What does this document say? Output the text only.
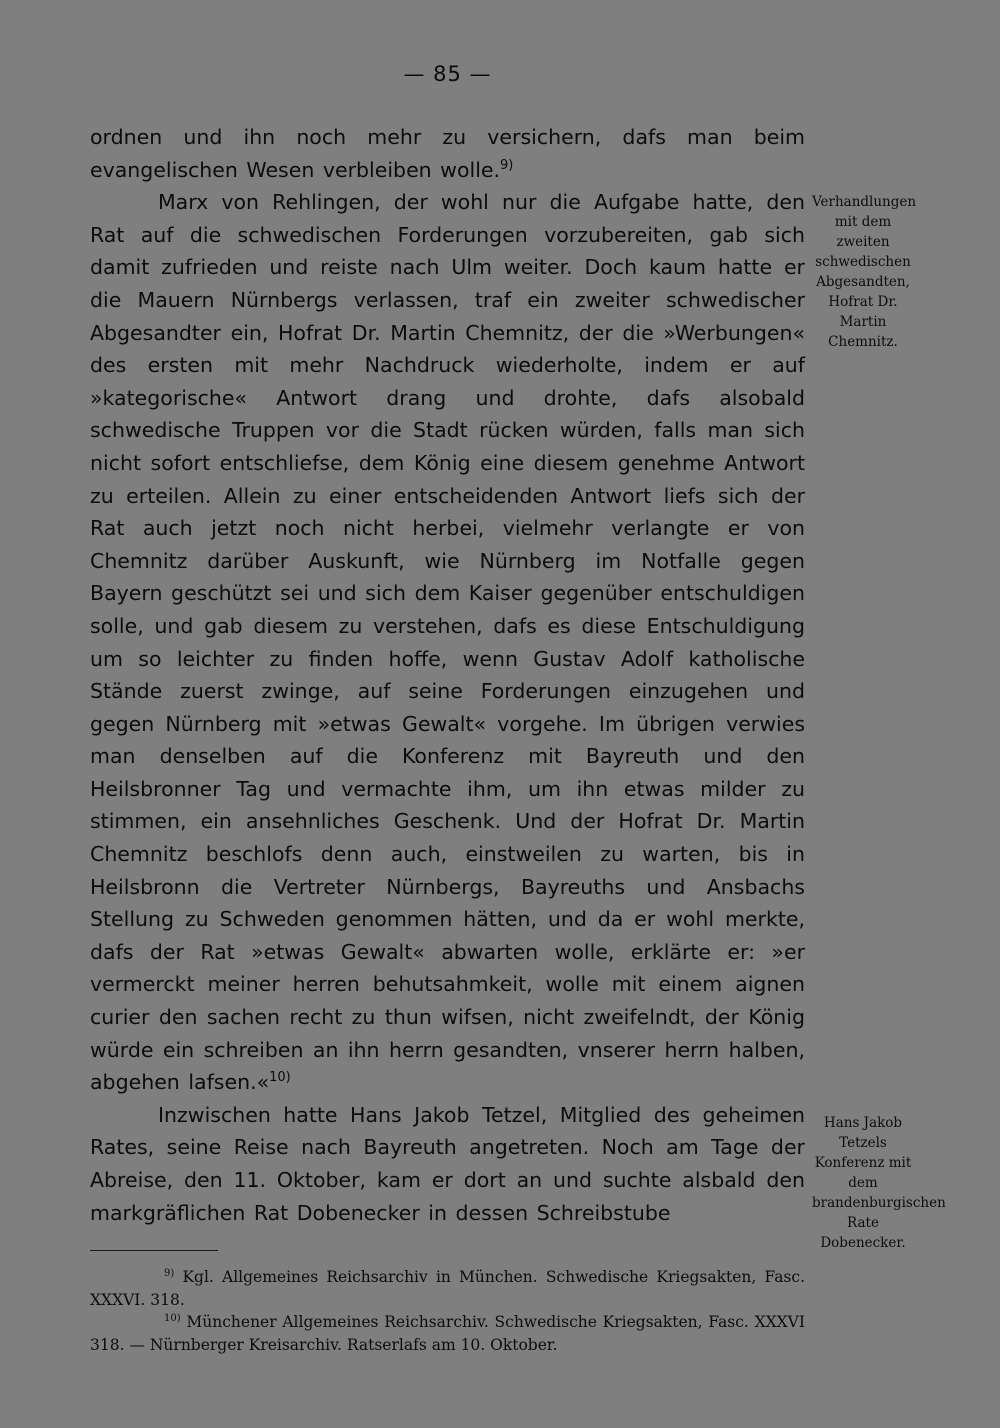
— 85 —

ordnen und ihn noch mehr zu versichern, dafs man beim evangelischen Wesen verbleiben wolle.$^{9)}$

Marx von Rehlingen, der wohl nur die Aufgabe hatte, den Rat auf die schwedischen Forderungen vorzubereiten, gab sich damit zufrieden und reiste nach Ulm weiter. Doch kaum hatte er die Mauern Nürnbergs verlassen, traf ein zweiter schwedischer Abgesandter ein, Hofrat Dr. Martin Chemnitz, der die »Werbungen« des ersten mit mehr Nachdruck wiederholte, indem er auf »kategorische« Antwort drang und drohte, dafs alsobald schwedische Truppen vor die Stadt rücken würden, falls man sich nicht sofort entschliefse, dem König eine diesem genehme Antwort zu erteilen. Allein zu einer entscheidenden Antwort liefs sich der Rat auch jetzt noch nicht herbei, vielmehr verlangte er von Chemnitz darüber Auskunft, wie Nürnberg im Notfalle gegen Bayern geschützt sei und sich dem Kaiser gegenüber entschuldigen solle, und gab diesem zu verstehen, dafs es diese Entschuldigung um so leichter zu finden hoffe, wenn Gustav Adolf katholische Stände zuerst zwinge, auf seine Forderungen einzugehen und gegen Nürnberg mit »etwas Gewalt« vorgehe. Im übrigen verwies man denselben auf die Konferenz mit Bayreuth und den Heilsbronner Tag und vermachte ihm, um ihn etwas milder zu stimmen, ein ansehnliches Geschenk. Und der Hofrat Dr. Martin Chemnitz beschlofs denn auch, einstweilen zu warten, bis in Heilsbronn die Vertreter Nürnbergs, Bayreuths und Ansbachs Stellung zu Schweden genommen hätten, und da er wohl merkte, dafs der Rat »etwas Gewalt« abwarten wolle, erklärte er: »er vermerckt meiner herren behutsahmkeit, wolle mit einem aignen curier den sachen recht zu thun wifsen, nicht zweifelndt, der König würde ein schreiben an ihn herrn gesandten, vnserer herrn halben, abgehen lafsen.«$^{10)}$

Inzwischen hatte Hans Jakob Tetzel, Mitglied des geheimen Rates, seine Reise nach Bayreuth angetreten. Noch am Tage der Abreise, den 11. Oktober, kam er dort an und suchte alsbald den markgräflichen Rat Dobenecker in dessen Schreibstube

Verhandlungen mit dem zweiten schwedischen Abgesandten, Hofrat Dr. Martin Chemnitz.
Hans Jakob Tetzels Konferenz mit dem brandenburgischen Rate Dobenecker.

$^{9)}$ Kgl. Allgemeines Reichsarchiv in München. Schwedische Kriegsakten, Fasc. XXXVI. 318.

$^{10)}$ Münchener Allgemeines Reichsarchiv. Schwedische Kriegsakten, Fasc. XXXVI 318. — Nürnberger Kreisarchiv. Ratserlafs am 10. Oktober.
